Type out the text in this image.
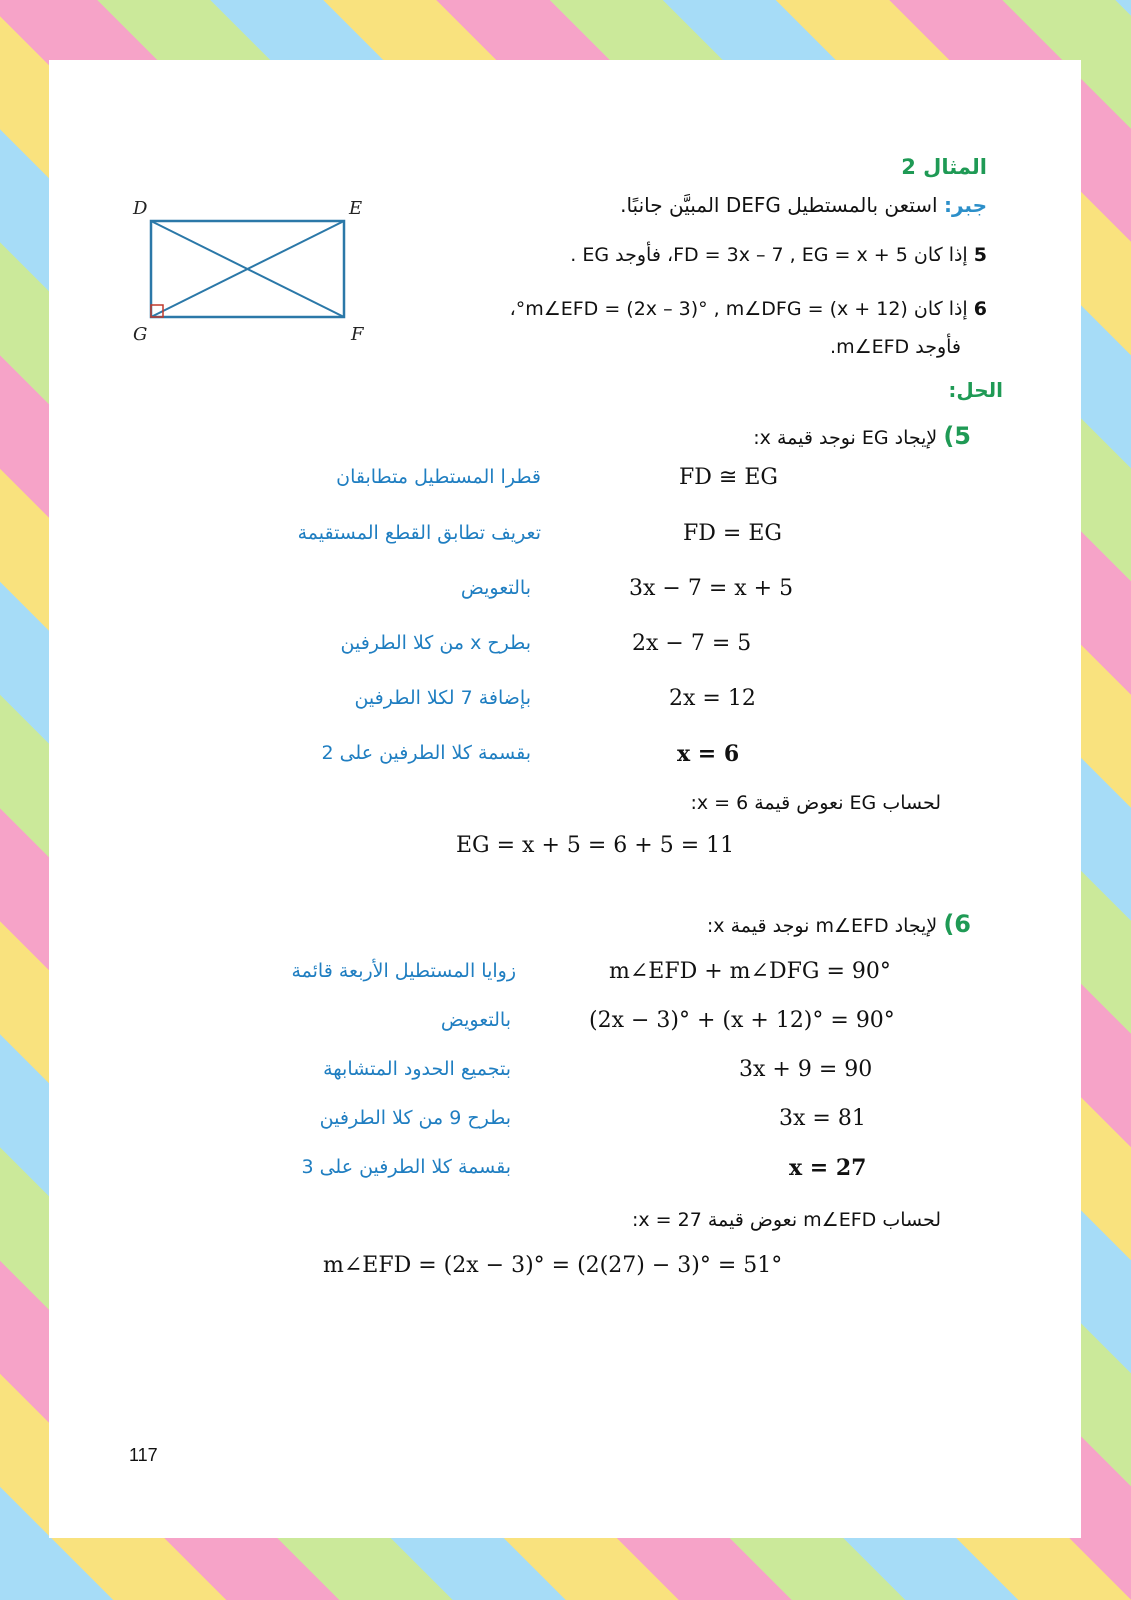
المثال 2
جبر: استعن بالمستطيل DEFG المبيَّن جانبًا.
5 إذا كان FD = 3x – 7 , EG = x + 5، فأوجد EG .
6 إذا كان m∠EFD = (2x – 3)° , m∠DFG = (x + 12)°،
فأوجد m∠EFD.
D	E
G	F
الحل:
5) لإيجاد EG نوجد قيمة x:
FD ≅ EG
قطرا المستطيل متطابقان
FD = EG
تعريف تطابق القطع المستقيمة
3x − 7 = x + 5
بالتعويض
2x − 7 = 5
بطرح x من كلا الطرفين
2x = 12
بإضافة 7 لكلا الطرفين
x = 6
بقسمة كلا الطرفين على 2
لحساب EG نعوض قيمة x = 6:
EG = x + 5 = 6 + 5 = 11
6) لإيجاد m∠EFD نوجد قيمة x:
m∠EFD + m∠DFG = 90°
زوايا المستطيل الأربعة قائمة
(2x − 3)° + (x + 12)° = 90°
بالتعويض
3x + 9 = 90
بتجميع الحدود المتشابهة
3x = 81
بطرح 9 من كلا الطرفين
x = 27
بقسمة كلا الطرفين على 3
لحساب m∠EFD نعوض قيمة x = 27:
m∠EFD = (2x − 3)° = (2(27) − 3)° = 51°
117
